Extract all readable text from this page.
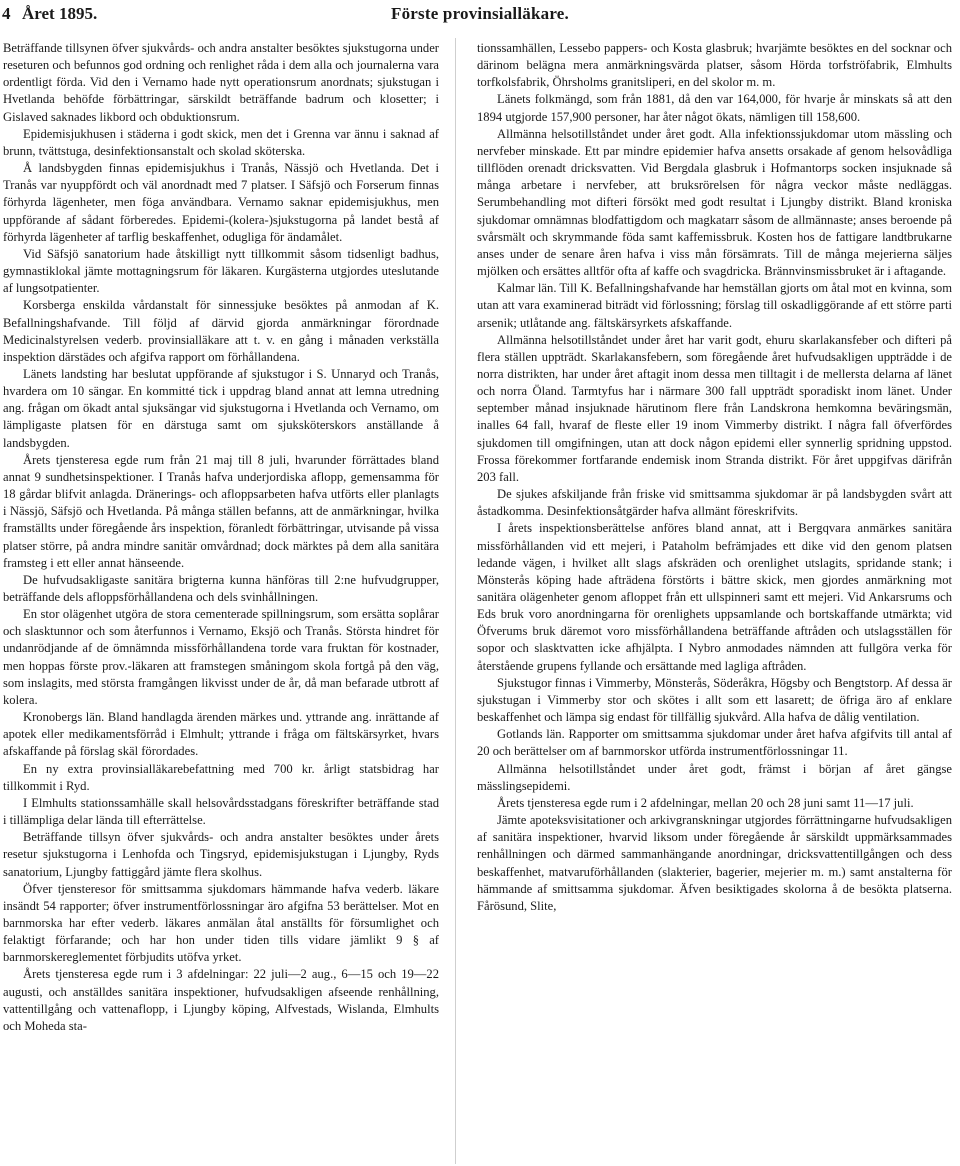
4 Året 1895.	Förste provinsialläkare.

Beträffande tillsynen öfver sjukvårds- och andra anstalter besöktes sjukstugorna under reseturen och befunnos god ordning och renlighet råda i dem alla och journalerna vara ordentligt förda. Vid den i Vernamo hade nytt operationsrum anordnats; sjukstugan i Hvetlanda behöfde förbättringar, särskildt beträffande badrum och klosetter; i Gislaved saknades likbord och obduktionsrum.

Epidemisjukhusen i städerna i godt skick, men det i Grenna var ännu i saknad af brunn, tvättstuga, desinfektionsanstalt och skolad sköterska.

Å landsbygden finnas epidemisjukhus i Tranås, Nässjö och Hvetlanda. Det i Tranås var nyuppfördt och väl anordnadt med 7 platser. I Säfsjö och Forserum finnas förhyrda lägenheter, men föga användbara. Vernamo saknar epidemisjukhus, men uppförande af sådant förberedes. Epidemi-(kolera-)sjukstugorna på landet bestå af förhyrda lägenheter af tarflig beskaffenhet, odugliga för ändamålet.

Vid Säfsjö sanatorium hade åtskilligt nytt tillkommit såsom tidsenligt badhus, gymnastiklokal jämte mottagningsrum för läkaren. Kurgästerna utgjordes uteslutande af lungsotpatienter.

Korsberga enskilda vårdanstalt för sinnessjuke besöktes på anmodan af K. Befallningshafvande. Till följd af därvid gjorda anmärkningar förordnade Medicinalstyrelsen vederb. provinsialläkare att t. v. en gång i månaden verkställa inspektion därstädes och afgifva rapport om förhållandena.

Länets landsting har beslutat uppförande af sjukstugor i S. Unnaryd och Tranås, hvardera om 10 sängar. En kommitté tick i uppdrag bland annat att lemna utredning ang. frågan om ökadt antal sjuksängar vid sjukstugorna i Hvetlanda och Vernamo, om lämpligaste platsen för en därstuga samt om sjuksköterskors anställande å landsbygden.

Årets tjensteresa egde rum från 21 maj till 8 juli, hvarunder förrättades bland annat 9 sundhetsinspektioner. I Tranås hafva underjordiska aflopp, gemensamma för 18 gårdar blifvit anlagda. Dränerings- och afloppsarbeten hafva utförts eller planlagts i Nässjö, Säfsjö och Hvetlanda. På många ställen befanns, att de anmärkningar, hvilka framställts under föregående års inspektion, föranledt förbättringar, utvisande på vissa platser större, på andra mindre sanitär omvårdnad; dock märktes på dem alla sanitära framsteg i ett eller annat hänseende.

De hufvudsakligaste sanitära brigterna kunna hänföras till 2:ne hufvudgrupper, beträffande dels afloppsförhållandena och dels svinhållningen.

En stor olägenhet utgöra de stora cementerade spillningsrum, som ersätta soplårar och slasktunnor och som återfunnos i Vernamo, Eksjö och Tranås. Största hindret för undanrödjande af de ömnämnda missförhållandena torde vara fruktan för kostnader, men hoppas förste prov.-läkaren att framstegen småningom skola fortgå på den väg, som inslagits, med största framgången likvisst under de år, då man befarade utbrott af kolera.

Kronobergs län. Bland handlagda ärenden märkes und. yttrande ang. inrättande af apotek eller medikamentsförråd i Elmhult; yttrande i fråga om fältskärsyrket, hvars afskaffande på förslag skäl förordades.

En ny extra provinsialläkarebefattning med 700 kr. årligt statsbidrag har tillkommit i Ryd.

I Elmhults stationssamhälle skall helsovårdsstadgans föreskrifter beträffande stad i tillämpliga delar lända till efterrättelse.

Beträffande tillsyn öfver sjukvårds- och andra anstalter besöktes under årets resetur sjukstugorna i Lenhofda och Tingsryd, epidemisjukstugan i Ljungby, Ryds sanatorium, Ljungby fattiggård jämte flera skolhus.

Öfver tjensteresor för smittsamma sjukdomars hämmande hafva vederb. läkare insändt 54 rapporter; öfver instrumentförlossningar äro afgifna 53 berättelser. Mot en barnmorska har efter vederb. läkares anmälan åtal anställts för försumlighet och felaktigt förfarande; och har hon under tiden tills vidare jämlikt 9 § af barnmorskereglementet förbjudits utöfva yrket.

Årets tjensteresa egde rum i 3 afdelningar: 22 juli—2 aug., 6—15 och 19—22 augusti, och anställdes sanitära inspektioner, hufvudsakligen afseende renhållning, vattentillgång och vattenaflopp, i Ljungby köping, Alfvestads, Wislanda, Elmhults och Moheda sta-

tionssamhällen, Lessebo pappers- och Kosta glasbruk; hvarjämte besöktes en del socknar och därinom belägna mera anmärkningsvärda platser, såsom Hörda torfströfabrik, Elmhults torfkolsfabrik, Öhrsholms granitsliperi, en del skolor m. m.

Länets folkmängd, som från 1881, då den var 164,000, för hvarje år minskats så att den 1894 utgjorde 157,900 personer, har åter något ökats, nämligen till 158,600.

Allmänna helsotillståndet under året godt. Alla infektionssjukdomar utom mässling och nervfeber minskade. Ett par mindre epidemier hafva ansetts orsakade af genom helsovådliga tillflöden orenadt dricksvatten. Vid Bergdala glasbruk i Hofmantorps socken insjuknade så många arbetare i nervfeber, att bruksrörelsen för några veckor måste nedläggas. Serumbehandling mot difteri försökt med godt resultat i Ljungby distrikt. Bland kroniska sjukdomar omnämnas blodfattigdom och magkatarr såsom de allmännaste; anses beroende på svårsmält och skrymmande föda samt kaffemissbruk. Kosten hos de fattigare landtbrukarne anses under de senare åren hafva i viss mån försämrats. Till de många mejerierna säljes mjölken och ersättes alltför ofta af kaffe och svagdricka. Brännvinsmissbruket är i aftagande.

Kalmar län. Till K. Befallningshafvande har hemställan gjorts om åtal mot en kvinna, som utan att vara examinerad biträdt vid förlossning; förslag till oskadliggörande af ett större parti arsenik; utlåtande ang. fältskärsyrkets afskaffande.

Allmänna helsotillståndet under året har varit godt, ehuru skarlakansfeber och difteri på flera ställen uppträdt. Skarlakansfebern, som föregående året hufvudsakligen uppträdde i de norra distrikten, har under året aftagit inom dessa men tilltagit i de mellersta delarna af länet och norra Öland. Tarmtyfus har i närmare 300 fall uppträdt sporadiskt inom länet. Under september månad insjuknade härutinom flere från Landskrona hemkomna beväringsmän, inalles 64 fall, hvaraf de fleste eller 19 inom Vimmerby distrikt. I några fall öfverfördes sjukdomen till omgifningen, utan att dock någon epidemi eller synnerlig spridning uppstod. Frossa förekommer fortfarande endemisk inom Stranda distrikt. För året uppgifvas därifrån 203 fall.

De sjukes afskiljande från friske vid smittsamma sjukdomar är på landsbygden svårt att åstadkomma. Desinfektionsåtgärder hafva allmänt föreskrifvits.

I årets inspektionsberättelse anföres bland annat, att i Bergqvara anmärkes sanitära missförhållanden vid ett mejeri, i Pataholm befrämjades ett dike vid den genom platsen ledande vägen, i hvilket allt slags afskräden och orenlighet utslagits, spridande stank; i Mönsterås köping hade afträdena förstörts i bättre skick, men gjordes anmärkning mot sanitära olägenheter genom afloppet från ett ullspinneri samt ett mejeri. Vid Ankarsrums och Eds bruk voro anordningarna för orenlighets uppsamlande och bortskaffande utmärkta; vid Öfverums bruk däremot voro missförhållandena beträffande aftråden och utslagsställen för sopor och slasktvatten icke afhjälpta. I Nybro anmodades nämnden att fullgöra verka för återstående grupens fyllande och ersättande med lagliga aftråden.

Sjukstugor finnas i Vimmerby, Mönsterås, Söderåkra, Högsby och Bengtstorp. Af dessa är sjukstugan i Vimmerby stor och skötes i allt som ett lasarett; de öfriga äro af enklare beskaffenhet och lämpa sig endast för tillfällig sjukvård. Alla hafva de dålig ventilation.

Gotlands län. Rapporter om smittsamma sjukdomar under året hafva afgifvits till antal af 20 och berättelser om af barnmorskor utförda instrumentförlossningar 11.

Allmänna helsotillståndet under året godt, främst i början af året gängse mässlingsepidemi.

Årets tjensteresa egde rum i 2 afdelningar, mellan 20 och 28 juni samt 11—17 juli.

Jämte apoteksvisitationer och arkivgranskningar utgjordes förrättningarne hufvudsakligen af sanitära inspektioner, hvarvid liksom under föregående år särskildt uppmärksammades renhållningen och därmed sammanhängande anordningar, dricksvattentillgången och dess beskaffenhet, matvaruförhållanden (slakterier, bagerier, mejerier m. m.) samt anstalterna för hämmande af smittsamma sjukdomar. Äfven besiktigades skolorna å de besökta platserna. Fårösund, Slite,
